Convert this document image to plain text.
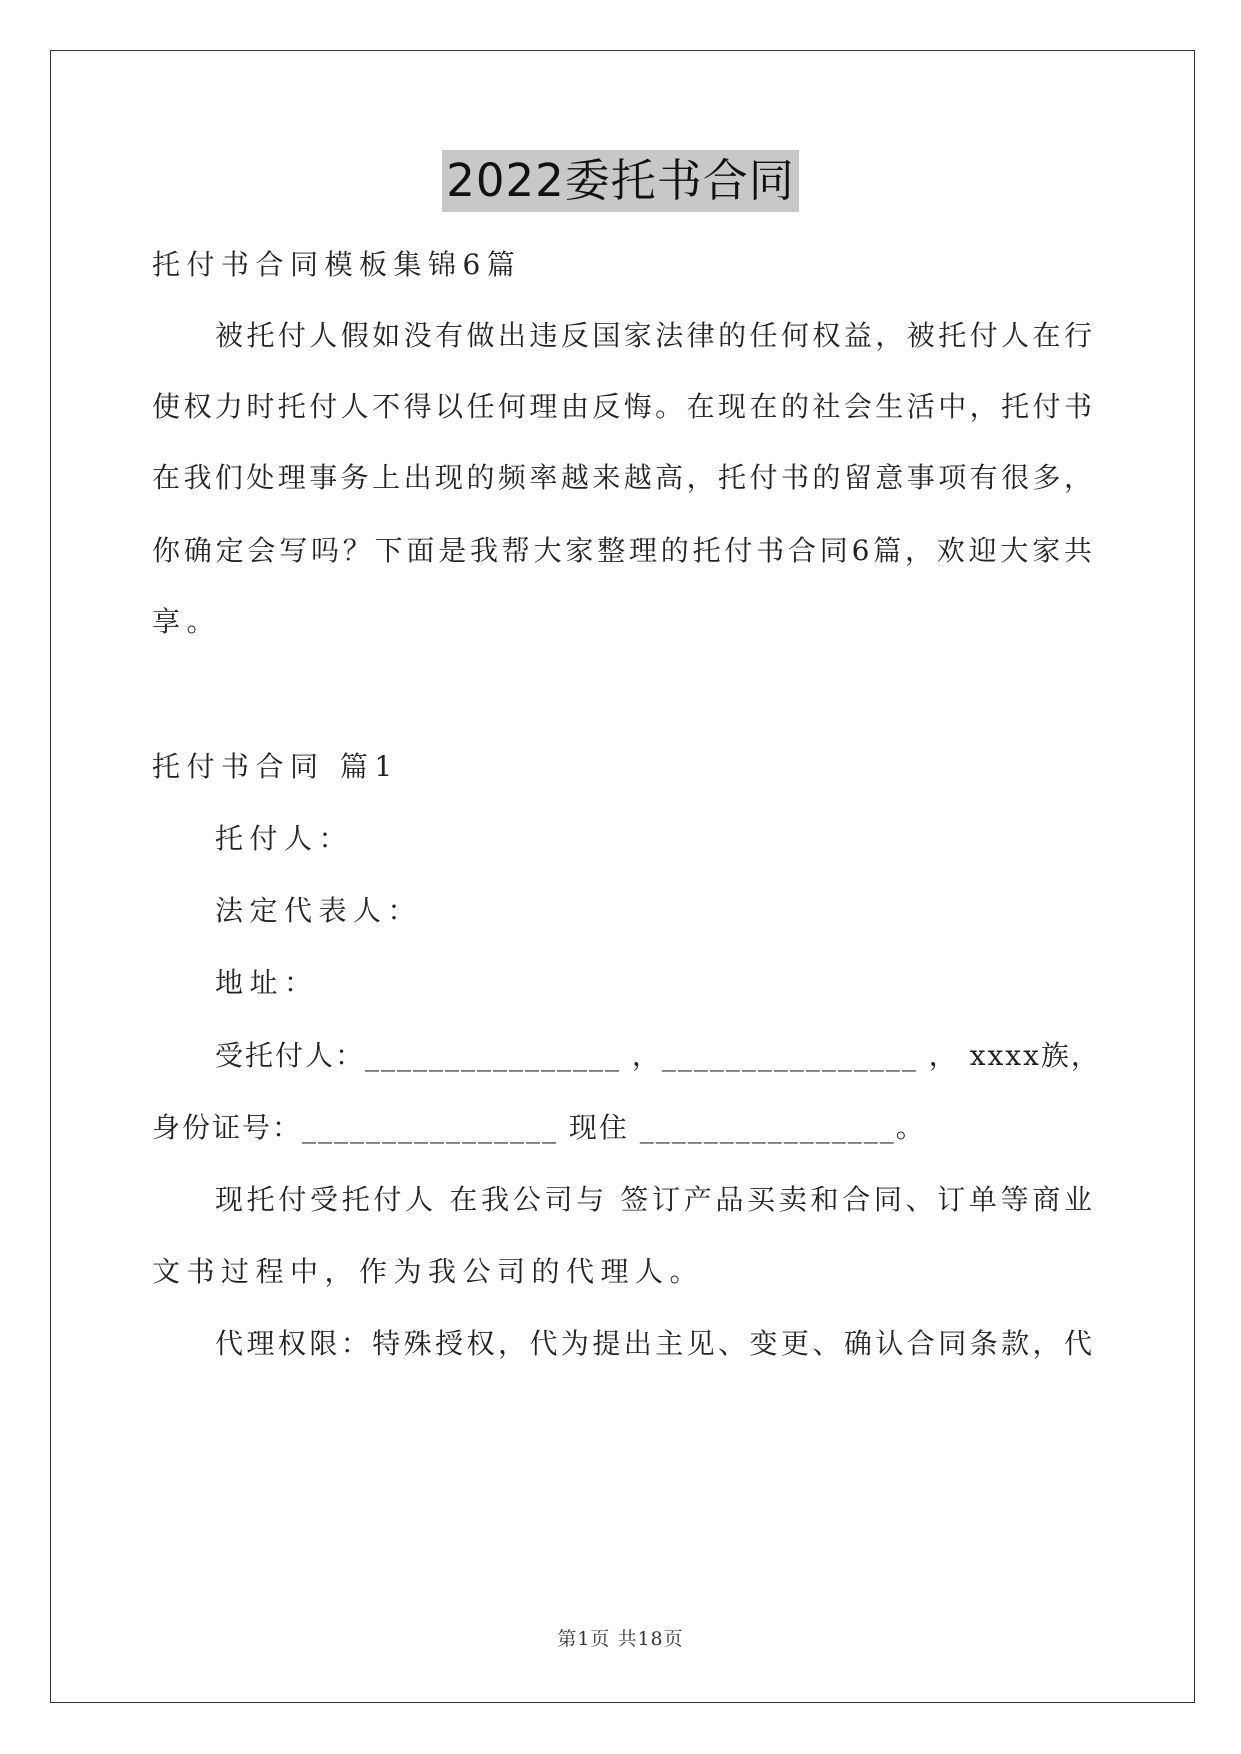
2022委托书合同
托付书合同模板集锦6篇
被托付人假如没有做出违反国家法律的任何权益，被托付人在行
使权力时托付人不得以任何理由反悔。在现在的社会生活中，托付书
在我们处理事务上出现的频率越来越高，托付书的留意事项有很多，
你确定会写吗？下面是我帮大家整理的托付书合同6篇，欢迎大家共
享。
托付书合同 篇1
托付人：
法定代表人：
地址：
受托付人：________________ ，________________ ， xxxx族，
身份证号：________________ 现住 ________________。
现托付受托付人 在我公司与 签订产品买卖和合同、订单等商业
文书过程中，作为我公司的代理人。
代理权限：特殊授权，代为提出主见、变更、确认合同条款，代
第1页 共18页
